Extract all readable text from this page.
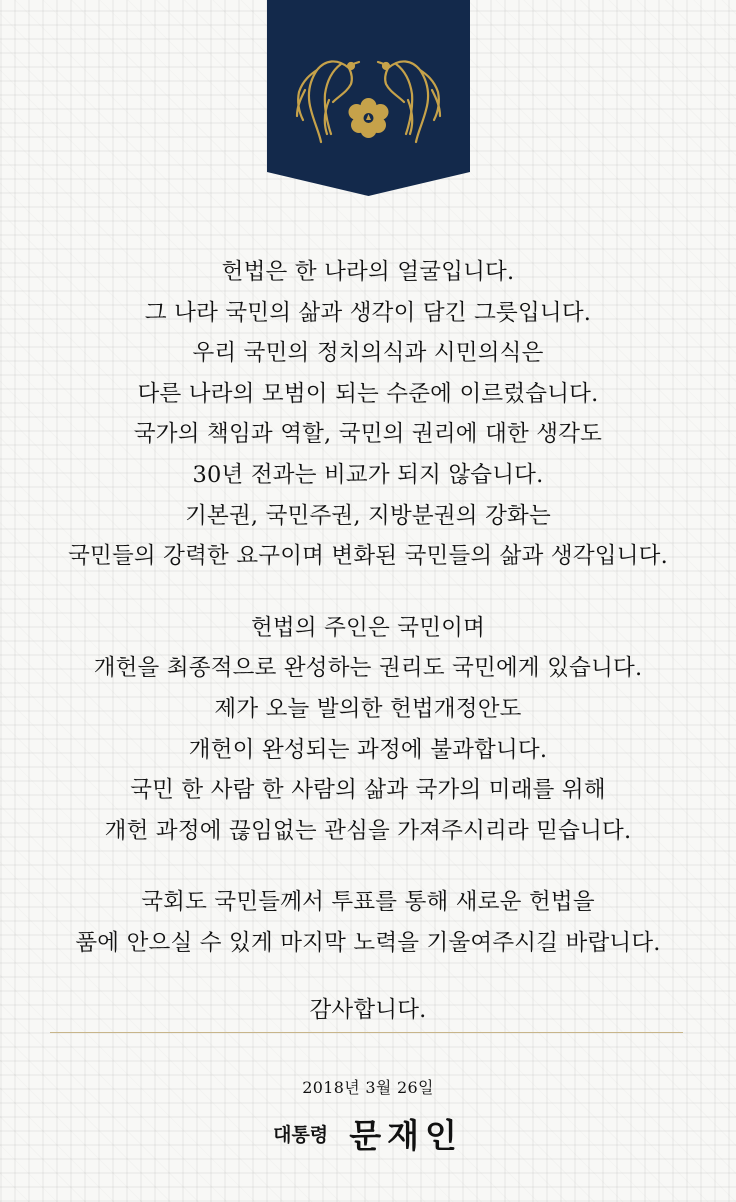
헌법은 한 나라의 얼굴입니다.
그 나라 국민의 삶과 생각이 담긴 그릇입니다.
우리 국민의 정치의식과 시민의식은
다른 나라의 모범이 되는 수준에 이르렀습니다.
국가의 책임과 역할, 국민의 권리에 대한 생각도
30년 전과는 비교가 되지 않습니다.
기본권, 국민주권, 지방분권의 강화는
국민들의 강력한 요구이며 변화된 국민들의 삶과 생각입니다.

헌법의 주인은 국민이며
개헌을 최종적으로 완성하는 권리도 국민에게 있습니다.
제가 오늘 발의한 헌법개정안도
개헌이 완성되는 과정에 불과합니다.
국민 한 사람 한 사람의 삶과 국가의 미래를 위해
개헌 과정에 끊임없는 관심을 가져주시리라 믿습니다.

국회도 국민들께서 투표를 통해 새로운 헌법을
품에 안으실 수 있게 마지막 노력을 기울여주시길 바랍니다.

감사합니다.

2018년 3월 26일
대통령 문재인
